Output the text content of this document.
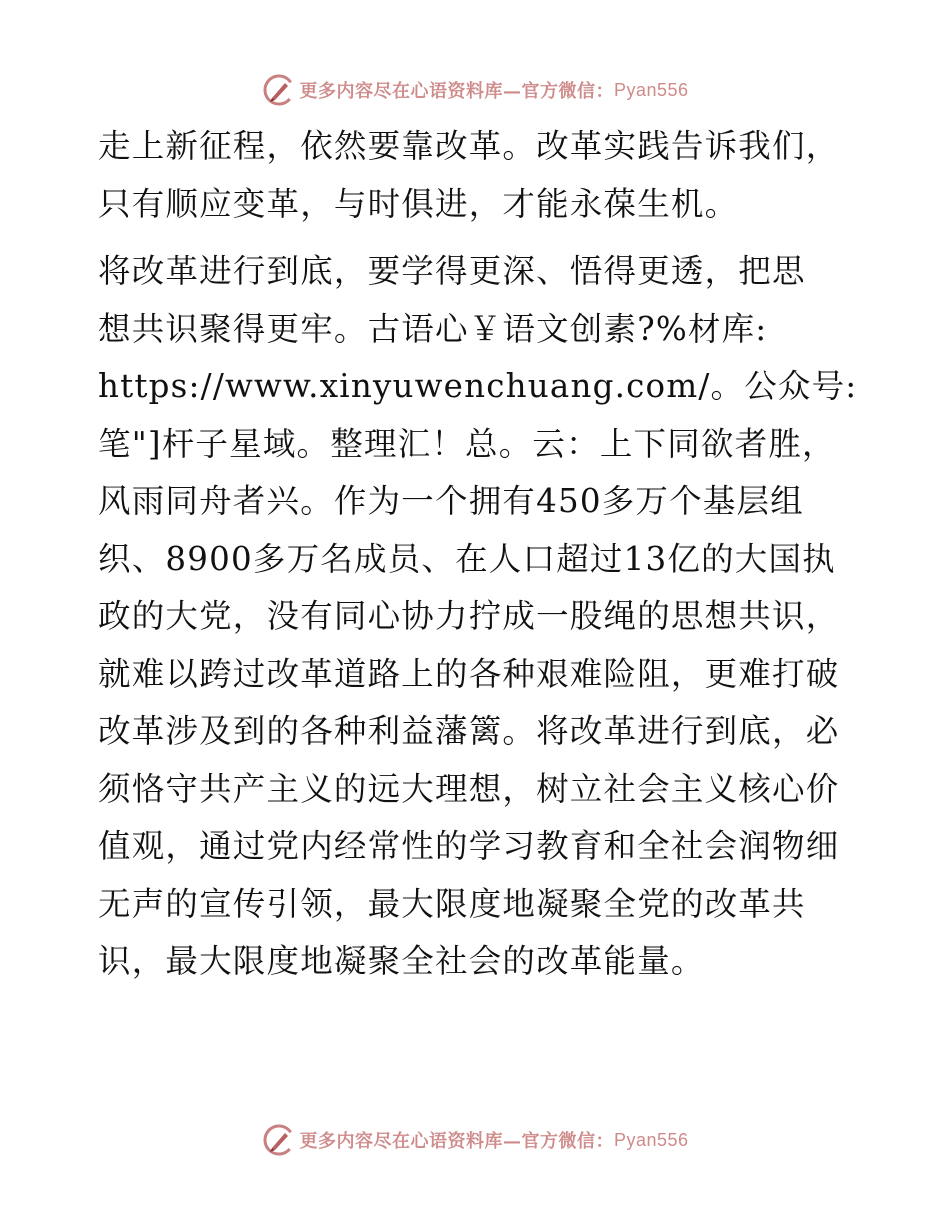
更多内容尽在心语资料库—官方微信： Pyan556
走上新征程，依然要靠改革。改革实践告诉我们，
只有顺应变革，与时俱进，才能永葆生机。
将改革进行到底，要学得更深、悟得更透，把思
想共识聚得更牢。古语心￥语文创素?%材库:
https://www.xinyuwenchuang.com/。公众号:
笔"]杆子星域。整理汇！总。云：上下同欲者胜，
风雨同舟者兴。作为一个拥有450多万个基层组
织、8900多万名成员、在人口超过13亿的大国执
政的大党，没有同心协力拧成一股绳的思想共识，
就难以跨过改革道路上的各种艰难险阻，更难打破
改革涉及到的各种利益藩篱。将改革进行到底，必
须恪守共产主义的远大理想，树立社会主义核心价
值观，通过党内经常性的学习教育和全社会润物细
无声的宣传引领，最大限度地凝聚全党的改革共
识，最大限度地凝聚全社会的改革能量。
更多内容尽在心语资料库—官方微信： Pyan556
